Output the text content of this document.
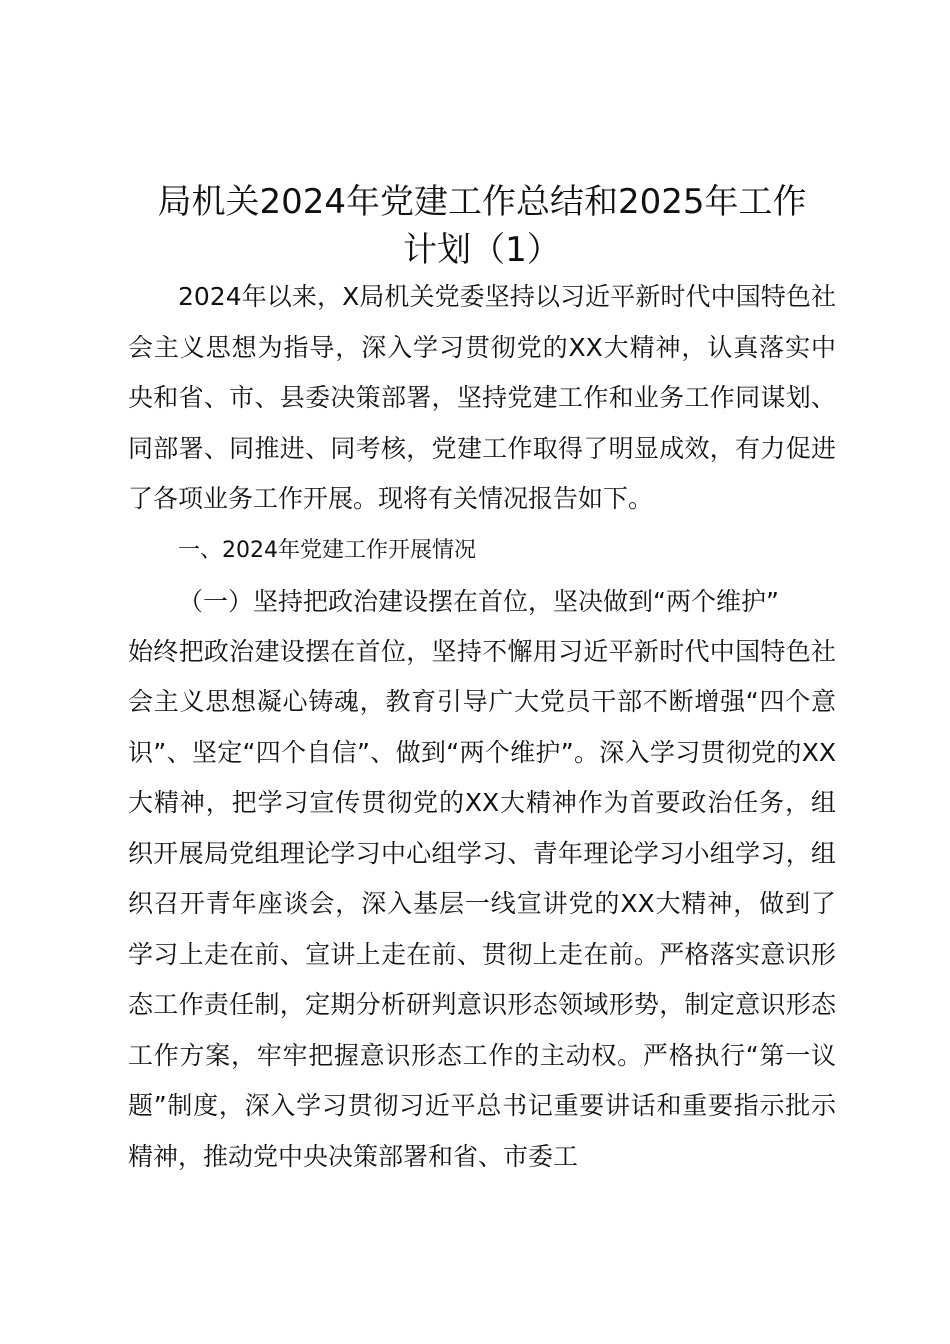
局机关2024年党建工作总结和2025年工作
计划（1）

2024年以来，X局机关党委坚持以习近平新时代中国特色社会主义思想为指导，深入学习贯彻党的XX大精神，认真落实中央和省、市、县委决策部署，坚持党建工作和业务工作同谋划、同部署、同推进、同考核，党建工作取得了明显成效，有力促进了各项业务工作开展。现将有关情况报告如下。

一、2024年党建工作开展情况

（一）坚持把政治建设摆在首位，坚决做到“两个维护”

始终把政治建设摆在首位，坚持不懈用习近平新时代中国特色社会主义思想凝心铸魂，教育引导广大党员干部不断增强“四个意识”、坚定“四个自信”、做到“两个维护”。深入学习贯彻党的XX大精神，把学习宣传贯彻党的XX大精神作为首要政治任务，组织开展局党组理论学习中心组学习、青年理论学习小组学习，组织召开青年座谈会，深入基层一线宣讲党的XX大精神，做到了学习上走在前、宣讲上走在前、贯彻上走在前。严格落实意识形态工作责任制，定期分析研判意识形态领域形势，制定意识形态工作方案，牢牢把握意识形态工作的主动权。严格执行“第一议题”制度，深入学习贯彻习近平总书记重要讲话和重要指示批示精神，推动党中央决策部署和省、市委工
